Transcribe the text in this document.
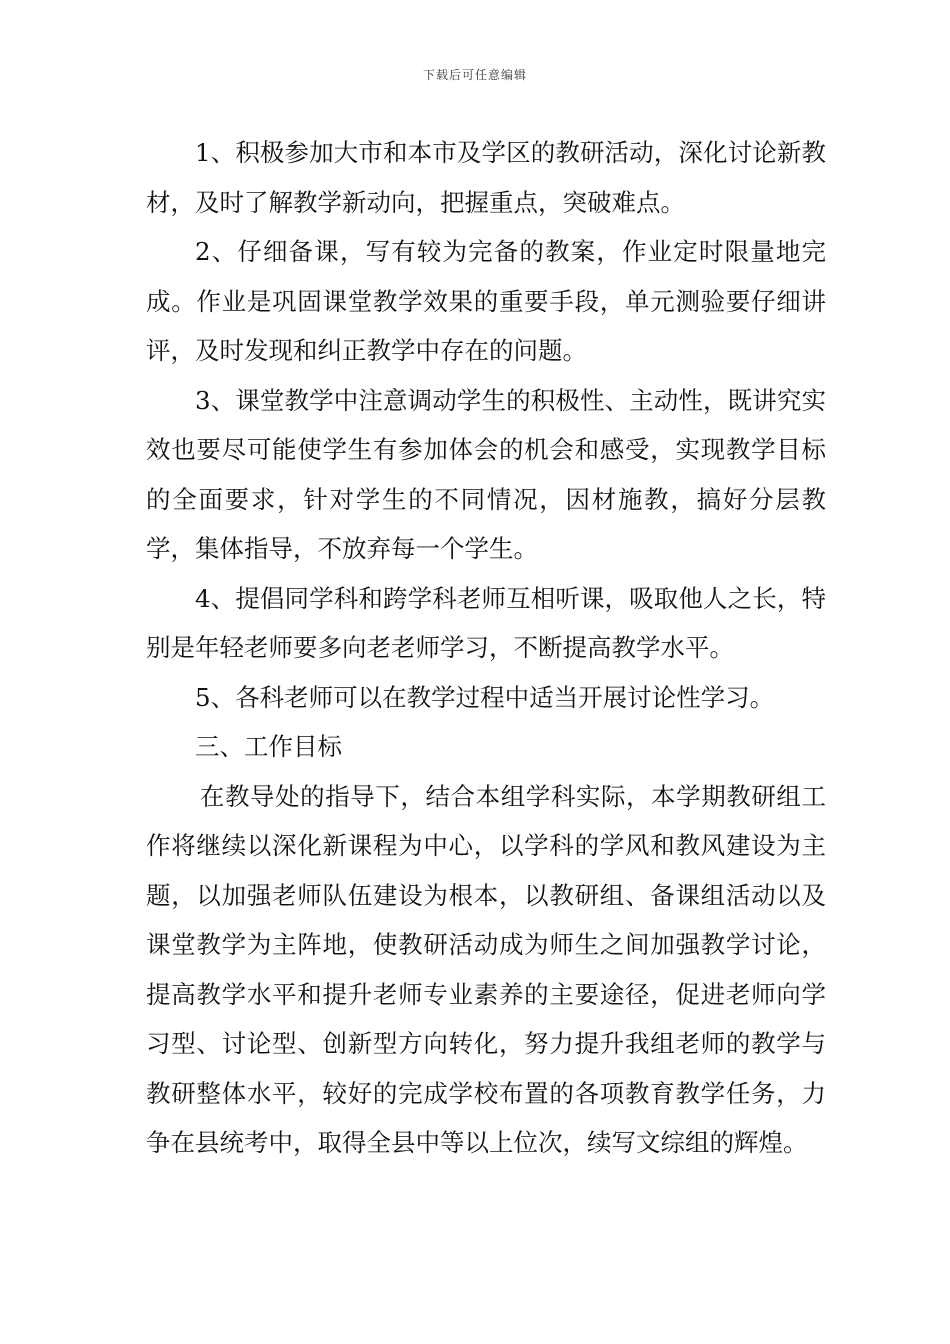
下载后可任意编辑

1、积极参加大市和本市及学区的教研活动，深化讨论新教材，及时了解教学新动向，把握重点，突破难点。

2、仔细备课，写有较为完备的教案，作业定时限量地完成。作业是巩固课堂教学效果的重要手段，单元测验要仔细讲评，及时发现和纠正教学中存在的问题。

3、课堂教学中注意调动学生的积极性、主动性，既讲究实效也要尽可能使学生有参加体会的机会和感受，实现教学目标的全面要求，针对学生的不同情况，因材施教，搞好分层教学，集体指导，不放弃每一个学生。

4、提倡同学科和跨学科老师互相听课，吸取他人之长，特别是年轻老师要多向老老师学习，不断提高教学水平。

5、各科老师可以在教学过程中适当开展讨论性学习。

三、工作目标

在教导处的指导下，结合本组学科实际，本学期教研组工作将继续以深化新课程为中心，以学科的学风和教风建设为主题，以加强老师队伍建设为根本，以教研组、备课组活动以及课堂教学为主阵地，使教研活动成为师生之间加强教学讨论，提高教学水平和提升老师专业素养的主要途径，促进老师向学习型、讨论型、创新型方向转化，努力提升我组老师的教学与教研整体水平，较好的完成学校布置的各项教育教学任务，力争在县统考中，取得全县中等以上位次，续写文综组的辉煌。
